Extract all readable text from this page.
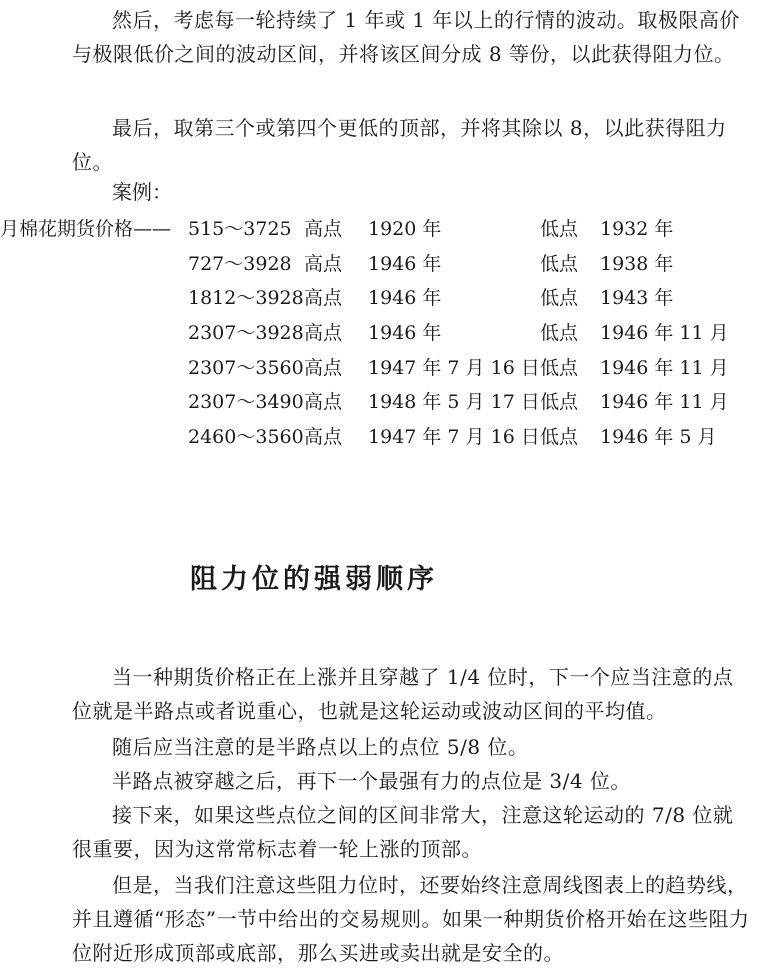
然后，考虑每一轮持续了 1 年或 1 年以上的行情的波动。取极限高价与极限低价之间的波动区间，并将该区间分成 8 等份，以此获得阻力位。

最后，取第三个或第四个更低的顶部，并将其除以 8，以此获得阻力位。

案例：

月棉花期货价格—— 515～3725 高点 1920 年	低点 1932 年
727～3928 高点 1946 年	低点 1938 年
1812～3928 高点 1946 年	低点 1943 年
2307～3928 高点 1946 年	低点 1946 年 11 月
2307～3560 高点 1947 年 7 月 16 日 低点 1946 年 11 月
2307～3490 高点 1948 年 5 月 17 日 低点 1946 年 11 月
2460～3560 高点 1947 年 7 月 16 日 低点 1946 年 5 月
阻力位的强弱顺序

当一种期货价格正在上涨并且穿越了 1/4 位时，下一个应当注意的点位就是半路点或者说重心，也就是这轮运动或波动区间的平均值。

随后应当注意的是半路点以上的点位 5/8 位。

半路点被穿越之后，再下一个最强有力的点位是 3/4 位。

接下来，如果这些点位之间的区间非常大，注意这轮运动的 7/8 位就很重要，因为这常常标志着一轮上涨的顶部。

但是，当我们注意这些阻力位时，还要始终注意周线图表上的趋势线，并且遵循“形态”一节中给出的交易规则。如果一种期货价格开始在这些阻力位附近形成顶部或底部，那么买进或卖出就是安全的。
